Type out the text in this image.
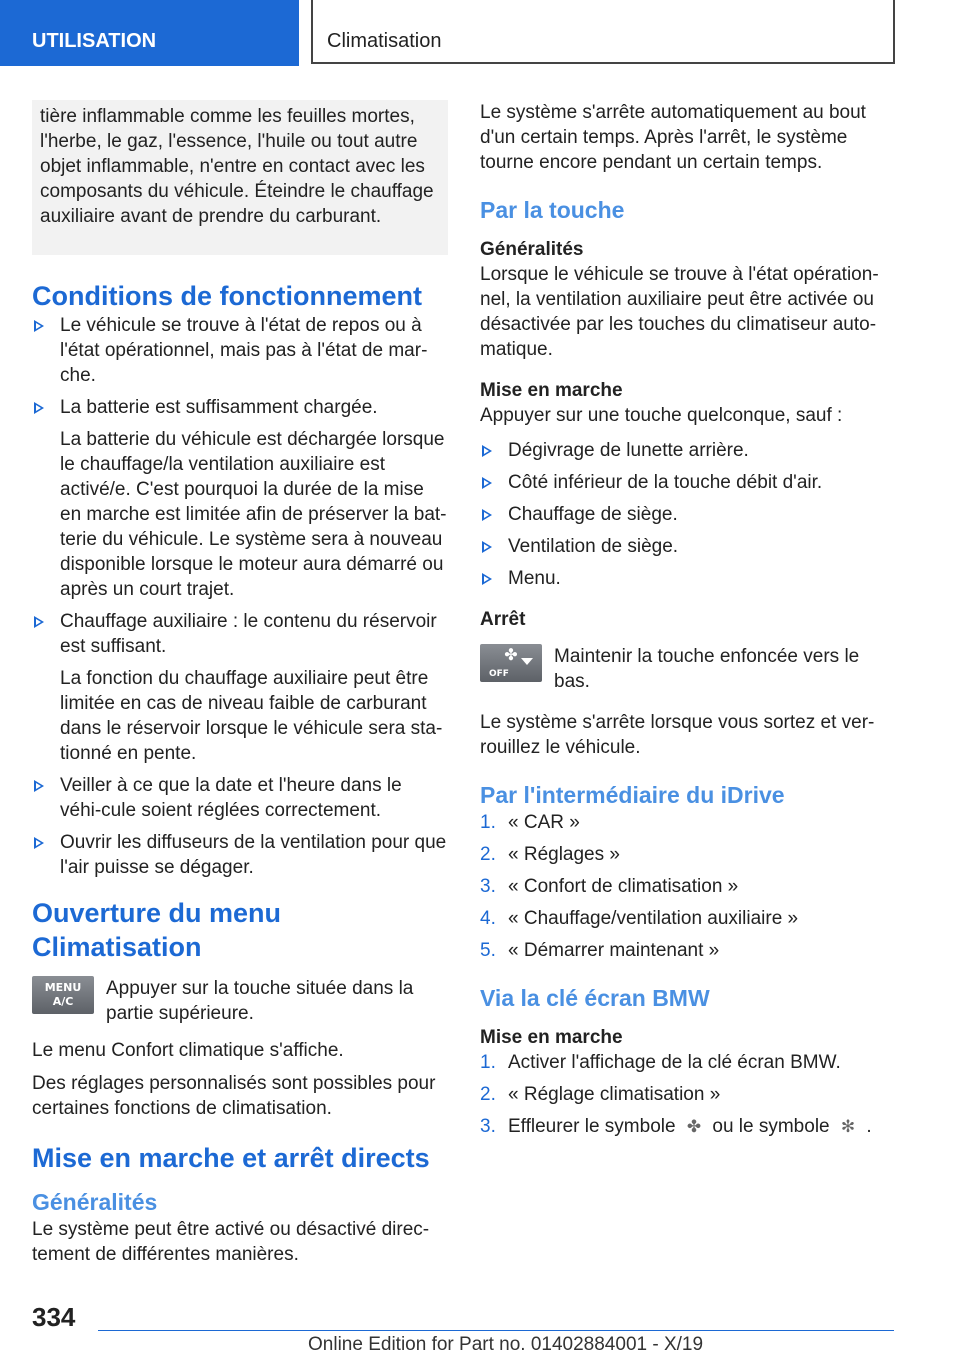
UTILISATION	Climatisation

tière inflammable comme les feuilles mortes, l'herbe, le gaz, l'essence, l'huile ou tout autre objet inflammable, n'entre en contact avec les composants du véhicule. Éteindre le chauffage auxiliaire avant de prendre du carburant.

Conditions de fonctionnement

Le véhicule se trouve à l'état de repos ou à l'état opérationnel, mais pas à l'état de mar-che.

La batterie est suffisamment chargée.

La batterie du véhicule est déchargée lorsque le chauffage/la ventilation auxiliaire est activé/e. C'est pourquoi la durée de la mise en marche est limitée afin de préserver la bat-terie du véhicule. Le système sera à nouveau disponible lorsque le moteur aura démarré ou après un court trajet.

Chauffage auxiliaire : le contenu du réservoir est suffisant.

La fonction du chauffage auxiliaire peut être limitée en cas de niveau faible de carburant dans le réservoir lorsque le véhicule sera sta-tionné en pente.

Veiller à ce que la date et l'heure dans le véhi-cule soient réglées correctement.

Ouvrir les diffuseurs de la ventilation pour que l'air puisse se dégager.

Ouverture du menu Climatisation
MENU
A/C

Appuyer sur la touche située dans la partie supérieure.

Le menu Confort climatique s'affiche.

Des réglages personnalisés sont possibles pour certaines fonctions de climatisation.

Mise en marche et arrêt directs
Généralités

Le système peut être activé ou désactivé direc-tement de différentes manières.

Le système s'arrête automatiquement au bout d'un certain temps. Après l'arrêt, le système tourne encore pendant un certain temps.

Par la touche
Généralités

Lorsque le véhicule se trouve à l'état opération-nel, la ventilation auxiliaire peut être activée ou désactivée par les touches du climatiseur auto-matique.

Mise en marche

Appuyer sur une touche quelconque, sauf :

Dégivrage de lunette arrière.

Côté inférieur de la touche débit d'air.

Chauffage de siège.

Ventilation de siège.

Menu.

Arrêt
✤
OFF

Maintenir la touche enfoncée vers le bas.

Le système s'arrête lorsque vous sortez et ver-rouillez le véhicule.

Par l'intermédiaire du iDrive
1. « CAR »
2. « Réglages »
3. « Confort de climatisation »
4. « Chauffage/ventilation auxiliaire »
5. « Démarrer maintenant »
Via la clé écran BMW
Mise en marche
1. Activer l'affichage de la clé écran BMW.
2. « Réglage climatisation »
3. Effleurer le symbole ✤ ou le symbole ✻ .
334
Online Edition for Part no. 01402884001 - X/19
